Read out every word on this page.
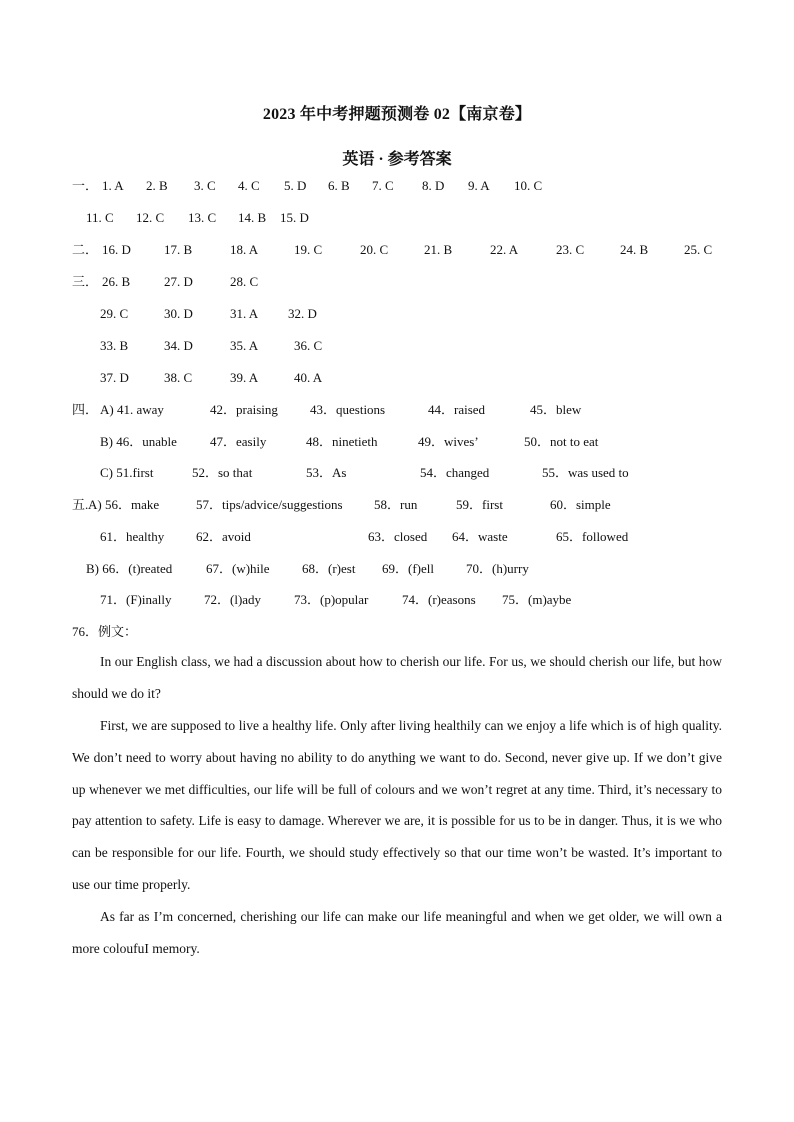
2023 年中考押题预测卷 02【南京卷】
英语 · 参考答案
一． 1. A 2. B 3. C 4. C 5. D 6. B 7. C 8. D 9. A 10. C
11. C 12. C 13. C 14. B 15. D
二． 16. D	17. B	18. A	19. C	20. C	21. B	22. A	23. C	24. B	25. C
三． 26. B	27. D	28. C
29. C	30. D	31. A 32. D
33. B	34. D	35. A	36. C
37. D	38. C	39. A	40. A
四． A) 41. away	42．praising 43．questions	44．raised	45．blew
B) 46．unable	47．easily	48．ninetieth	49．wives’	50．not to eat
C) 51.first	52．so that	53．As	54．changed	55．was used to
五. A) 56．make	57．tips/advice/suggestions 58．run	59．first	60．simple
61．healthy 62．avoid	63．closed 64．waste	65．followed
B) 66．(t)reated	67．(w)hile 68．(r)est 69．(f)ell 70．(h)urry
71．(F)inally	72．(l)ady	73．(p)opular	74．(r)easons 75．(m)aybe
76．例文：

In our English class, we had a discussion about how to cherish our life. For us, we should cherish our life, but how should we do it?

First, we are supposed to live a healthy life. Only after living healthily can we enjoy a life which is of high quality. We don’t need to worry about having no ability to do anything we want to do. Second, never give up. If we don’t give up whenever we met difficulties, our life will be full of colours and we won’t regret at any time. Third, it’s necessary to pay attention to safety. Life is easy to damage. Wherever we are, it is possible for us to be in danger. Thus, it is we who can be responsible for our life. Fourth, we should study effectively so that our time won’t be wasted. It’s important to use our time properly.

As far as I’m concerned, cherishing our life can make our life meaningful and when we get older, we will own a more coloufuI memory.
